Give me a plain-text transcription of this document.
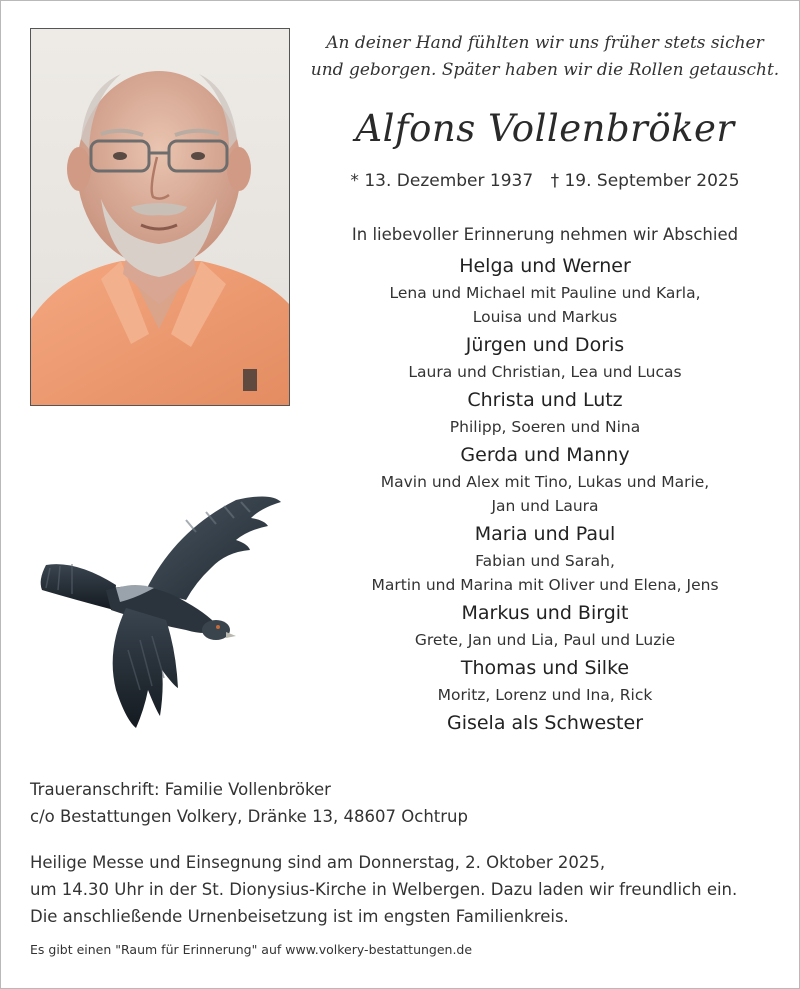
An deiner Hand fühlten wir uns früher stets sicher
und geborgen. Später haben wir die Rollen getauscht.
Alfons Vollenbröker
* 13. Dezember 1937 † 19. September 2025
In liebevoller Erinnerung nehmen wir Abschied
Helga und Werner
Lena und Michael mit Pauline und Karla,
Louisa und Markus
Jürgen und Doris
Laura und Christian, Lea und Lucas
Christa und Lutz
Philipp, Soeren und Nina
Gerda und Manny
Mavin und Alex mit Tino, Lukas und Marie,
Jan und Laura
Maria und Paul
Fabian und Sarah,
Martin und Marina mit Oliver und Elena, Jens
Markus und Birgit
Grete, Jan und Lia, Paul und Luzie
Thomas und Silke
Moritz, Lorenz und Ina, Rick
Gisela als Schwester
Traueranschrift: Familie Vollenbröker
c/o Bestattungen Volkery, Dränke 13, 48607 Ochtrup
Heilige Messe und Einsegnung sind am Donnerstag, 2. Oktober 2025,
um 14.30 Uhr in der St. Dionysius-Kirche in Welbergen. Dazu laden wir freundlich ein.
Die anschließende Urnenbeisetzung ist im engsten Familienkreis.
Es gibt einen "Raum für Erinnerung" auf www.volkery-bestattungen.de
